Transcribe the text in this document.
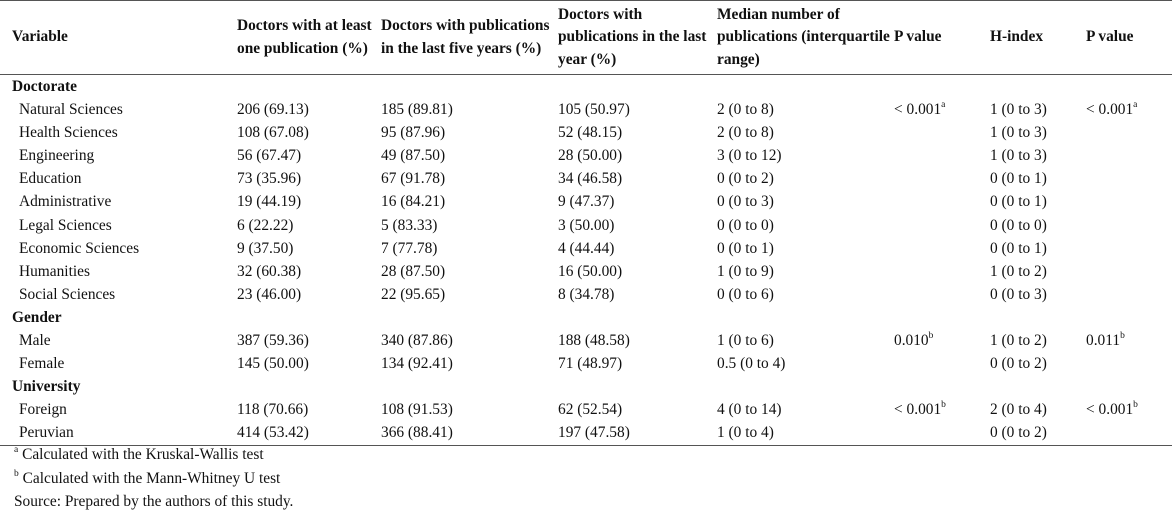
Variable	Doctors with at least one publication (%)	Doctors with publications in the last five years (%)	Doctors with publications in the last year (%)	Median number of publications (interquartile range)	P value	H-index	P value
Doctorate							
Natural Sciences	206 (69.13)	185 (89.81)	105 (50.97)	2 (0 to 8)	< 0.001$^a$	1 (0 to 3)	< 0.001$^a$
Health Sciences	108 (67.08)	95 (87.96)	52 (48.15)	2 (0 to 8)		1 (0 to 3)	
Engineering	56 (67.47)	49 (87.50)	28 (50.00)	3 (0 to 12)		1 (0 to 3)	
Education	73 (35.96)	67 (91.78)	34 (46.58)	0 (0 to 2)		0 (0 to 1)	
Administrative	19 (44.19)	16 (84.21)	9 (47.37)	0 (0 to 3)		0 (0 to 1)	
Legal Sciences	6 (22.22)	5 (83.33)	3 (50.00)	0 (0 to 0)		0 (0 to 0)	
Economic Sciences	9 (37.50)	7 (77.78)	4 (44.44)	0 (0 to 1)		0 (0 to 1)	
Humanities	32 (60.38)	28 (87.50)	16 (50.00)	1 (0 to 9)		1 (0 to 2)	
Social Sciences	23 (46.00)	22 (95.65)	8 (34.78)	0 (0 to 6)		0 (0 to 3)	
Gender							
Male	387 (59.36)	340 (87.86)	188 (48.58)	1 (0 to 6)	0.010$^b$	1 (0 to 2)	0.011$^b$
Female	145 (50.00)	134 (92.41)	71 (48.97)	0.5 (0 to 4)		0 (0 to 2)	
University							
Foreign	118 (70.66)	108 (91.53)	62 (52.54)	4 (0 to 14)	< 0.001$^b$	2 (0 to 4)	< 0.001$^b$
Peruvian	414 (53.42)	366 (88.41)	197 (47.58)	1 (0 to 4)		0 (0 to 2)	
$^a$ Calculated with the Kruskal-Wallis test
$^b$ Calculated with the Mann-Whitney U test
Source: Prepared by the authors of this study.
